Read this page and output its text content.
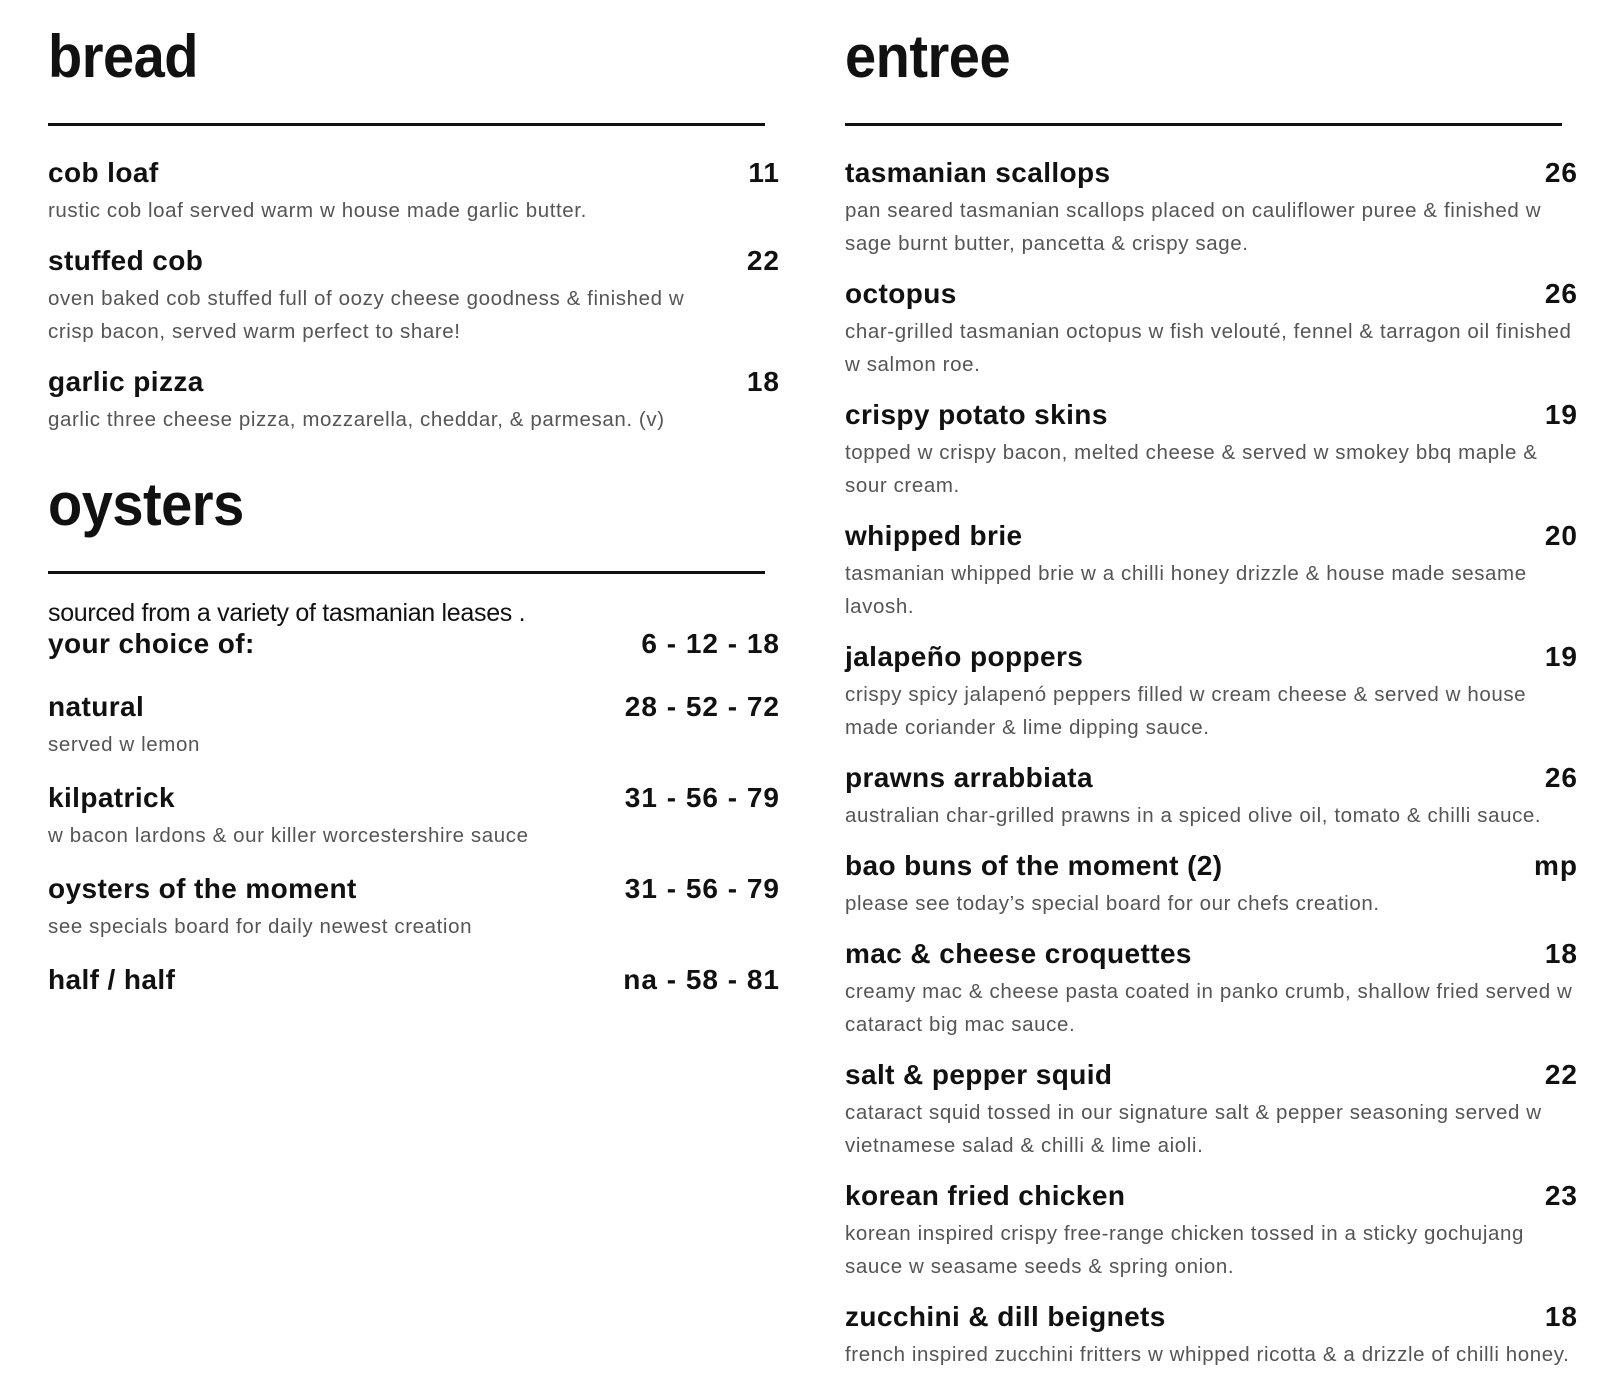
bread
cob loaf	11
rustic cob loaf served warm w house made garlic butter.
stuffed cob	22
oven baked cob stuffed full of oozy cheese goodness & finished w crisp bacon, served warm perfect to share!
garlic pizza	18
garlic three cheese pizza, mozzarella, cheddar, & parmesan. (v)
oysters
sourced from a variety of tasmanian leases .
your choice of:	6 - 12 - 18
natural	28 - 52 - 72
served w lemon
kilpatrick	31 - 56 - 79
w bacon lardons & our killer worcestershire sauce
oysters of the moment	31 - 56 - 79
see specials board for daily newest creation
half / half	na - 58 - 81
entree
tasmanian scallops	26
pan seared tasmanian scallops placed on cauliflower puree & finished w sage burnt butter, pancetta & crispy sage.
octopus	26
char-grilled tasmanian octopus w fish velouté, fennel & tarragon oil finished w salmon roe.
crispy potato skins	19
topped w crispy bacon, melted cheese & served w smokey bbq maple & sour cream.
whipped brie	20
tasmanian whipped brie w a chilli honey drizzle & house made sesame lavosh.
jalapeño poppers	19
crispy spicy jalapenó peppers filled w cream cheese & served w house made coriander & lime dipping sauce.
prawns arrabbiata	26
australian char-grilled prawns in a spiced olive oil, tomato & chilli sauce.
bao buns of the moment (2)	mp
please see today’s special board for our chefs creation.
mac & cheese croquettes	18
creamy mac & cheese pasta coated in panko crumb, shallow fried served w cataract big mac sauce.
salt & pepper squid	22
cataract squid tossed in our signature salt & pepper seasoning served w vietnamese salad & chilli & lime aioli.
korean fried chicken	23
korean inspired crispy free-range chicken tossed in a sticky gochujang sauce w seasame seeds & spring onion.
zucchini & dill beignets	18
french inspired zucchini fritters w whipped ricotta & a drizzle of chilli honey.
